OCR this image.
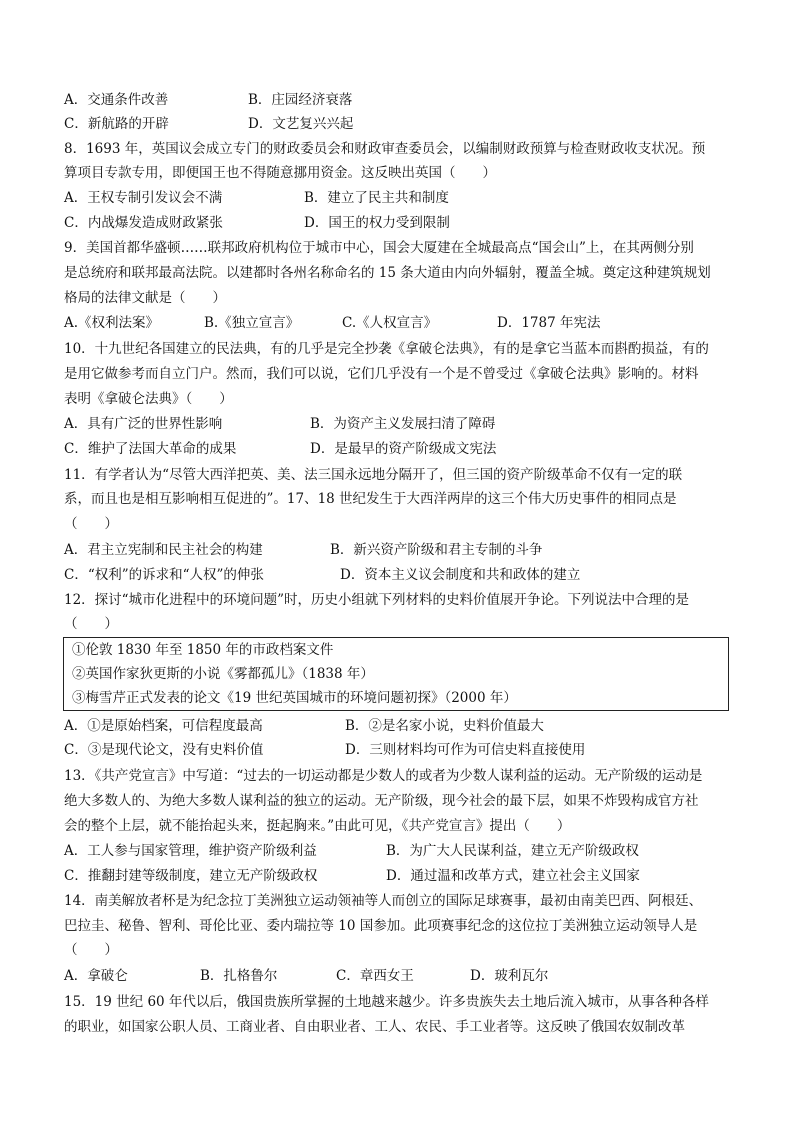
A．交通条件改善	B．庄园经济衰落
C．新航路的开辟	D．文艺复兴兴起
8．1693 年，英国议会成立专门的财政委员会和财政审查委员会，以编制财政预算与检查财政收支状况。预
算项目专款专用，即便国王也不得随意挪用资金。这反映出英国（　　）
A．王权专制引发议会不满	B．建立了民主共和制度
C．内战爆发造成财政紧张	D．国王的权力受到限制
9．美国首都华盛顿……联邦政府机构位于城市中心，国会大厦建在全城最高点“国会山”上，在其两侧分别
是总统府和联邦最高法院。以建都时各州名称命名的 15 条大道由内向外辐射，覆盖全城。奠定这种建筑规划
格局的法律文献是（　　）
A.《权利法案》	B.《独立宣言》	C.《人权宣言》	D．1787 年宪法
10．十九世纪各国建立的民法典，有的几乎是完全抄袭《拿破仑法典》，有的是拿它当蓝本而斟酌损益，有的
是用它做参考而自立门户。然而，我们可以说，它们几乎没有一个是不曾受过《拿破仑法典》影响的。材料
表明《拿破仑法典》（　　）
A．具有广泛的世界性影响	B．为资产主义发展扫清了障碍
C．维护了法国大革命的成果	D．是最早的资产阶级成文宪法
11．有学者认为“尽管大西洋把英、美、法三国永远地分隔开了，但三国的资产阶级革命不仅有一定的联
系，而且也是相互影响相互促进的”。17、18 世纪发生于大西洋两岸的这三个伟大历史事件的相同点是
（　　）
A．君主立宪制和民主社会的构建	B．新兴资产阶级和君主专制的斗争
C．“权利”的诉求和“人权”的伸张	D．资本主义议会制度和共和政体的建立
12．探讨“城市化进程中的环境问题”时，历史小组就下列材料的史料价值展开争论。下列说法中合理的是
（　　）
①伦敦 1830 年至 1850 年的市政档案文件
②英国作家狄更斯的小说《雾都孤儿》（1838 年）
③梅雪芹正式发表的论文《19 世纪英国城市的环境问题初探》（2000 年）
A．①是原始档案，可信程度最高	B．②是名家小说，史料价值最大
C．③是现代论文，没有史料价值	D．三则材料均可作为可信史料直接使用
13．《共产党宣言》中写道：“过去的一切运动都是少数人的或者为少数人谋利益的运动。无产阶级的运动是
绝大多数人的、为绝大多数人谋利益的独立的运动。无产阶级，现今社会的最下层，如果不炸毁构成官方社
会的整个上层，就不能抬起头来，挺起胸来。”由此可见，《共产党宣言》提出（　　）
A．工人参与国家管理，维护资产阶级利益	B．为广大人民谋利益，建立无产阶级政权
C．推翻封建等级制度，建立无产阶级政权	D．通过温和改革方式，建立社会主义国家
14．南美解放者杯是为纪念拉丁美洲独立运动领袖等人而创立的国际足球赛事，最初由南美巴西、阿根廷、
巴拉圭、秘鲁、智利、哥伦比亚、委内瑞拉等 10 国参加。此项赛事纪念的这位拉丁美洲独立运动领导人是
（　　）
A．拿破仑	B．扎格鲁尔	C．章西女王	D．玻利瓦尔
15．19 世纪 60 年代以后，俄国贵族所掌握的土地越来越少。许多贵族失去土地后流入城市，从事各种各样
的职业，如国家公职人员、工商业者、自由职业者、工人、农民、手工业者等。这反映了俄国农奴制改革
